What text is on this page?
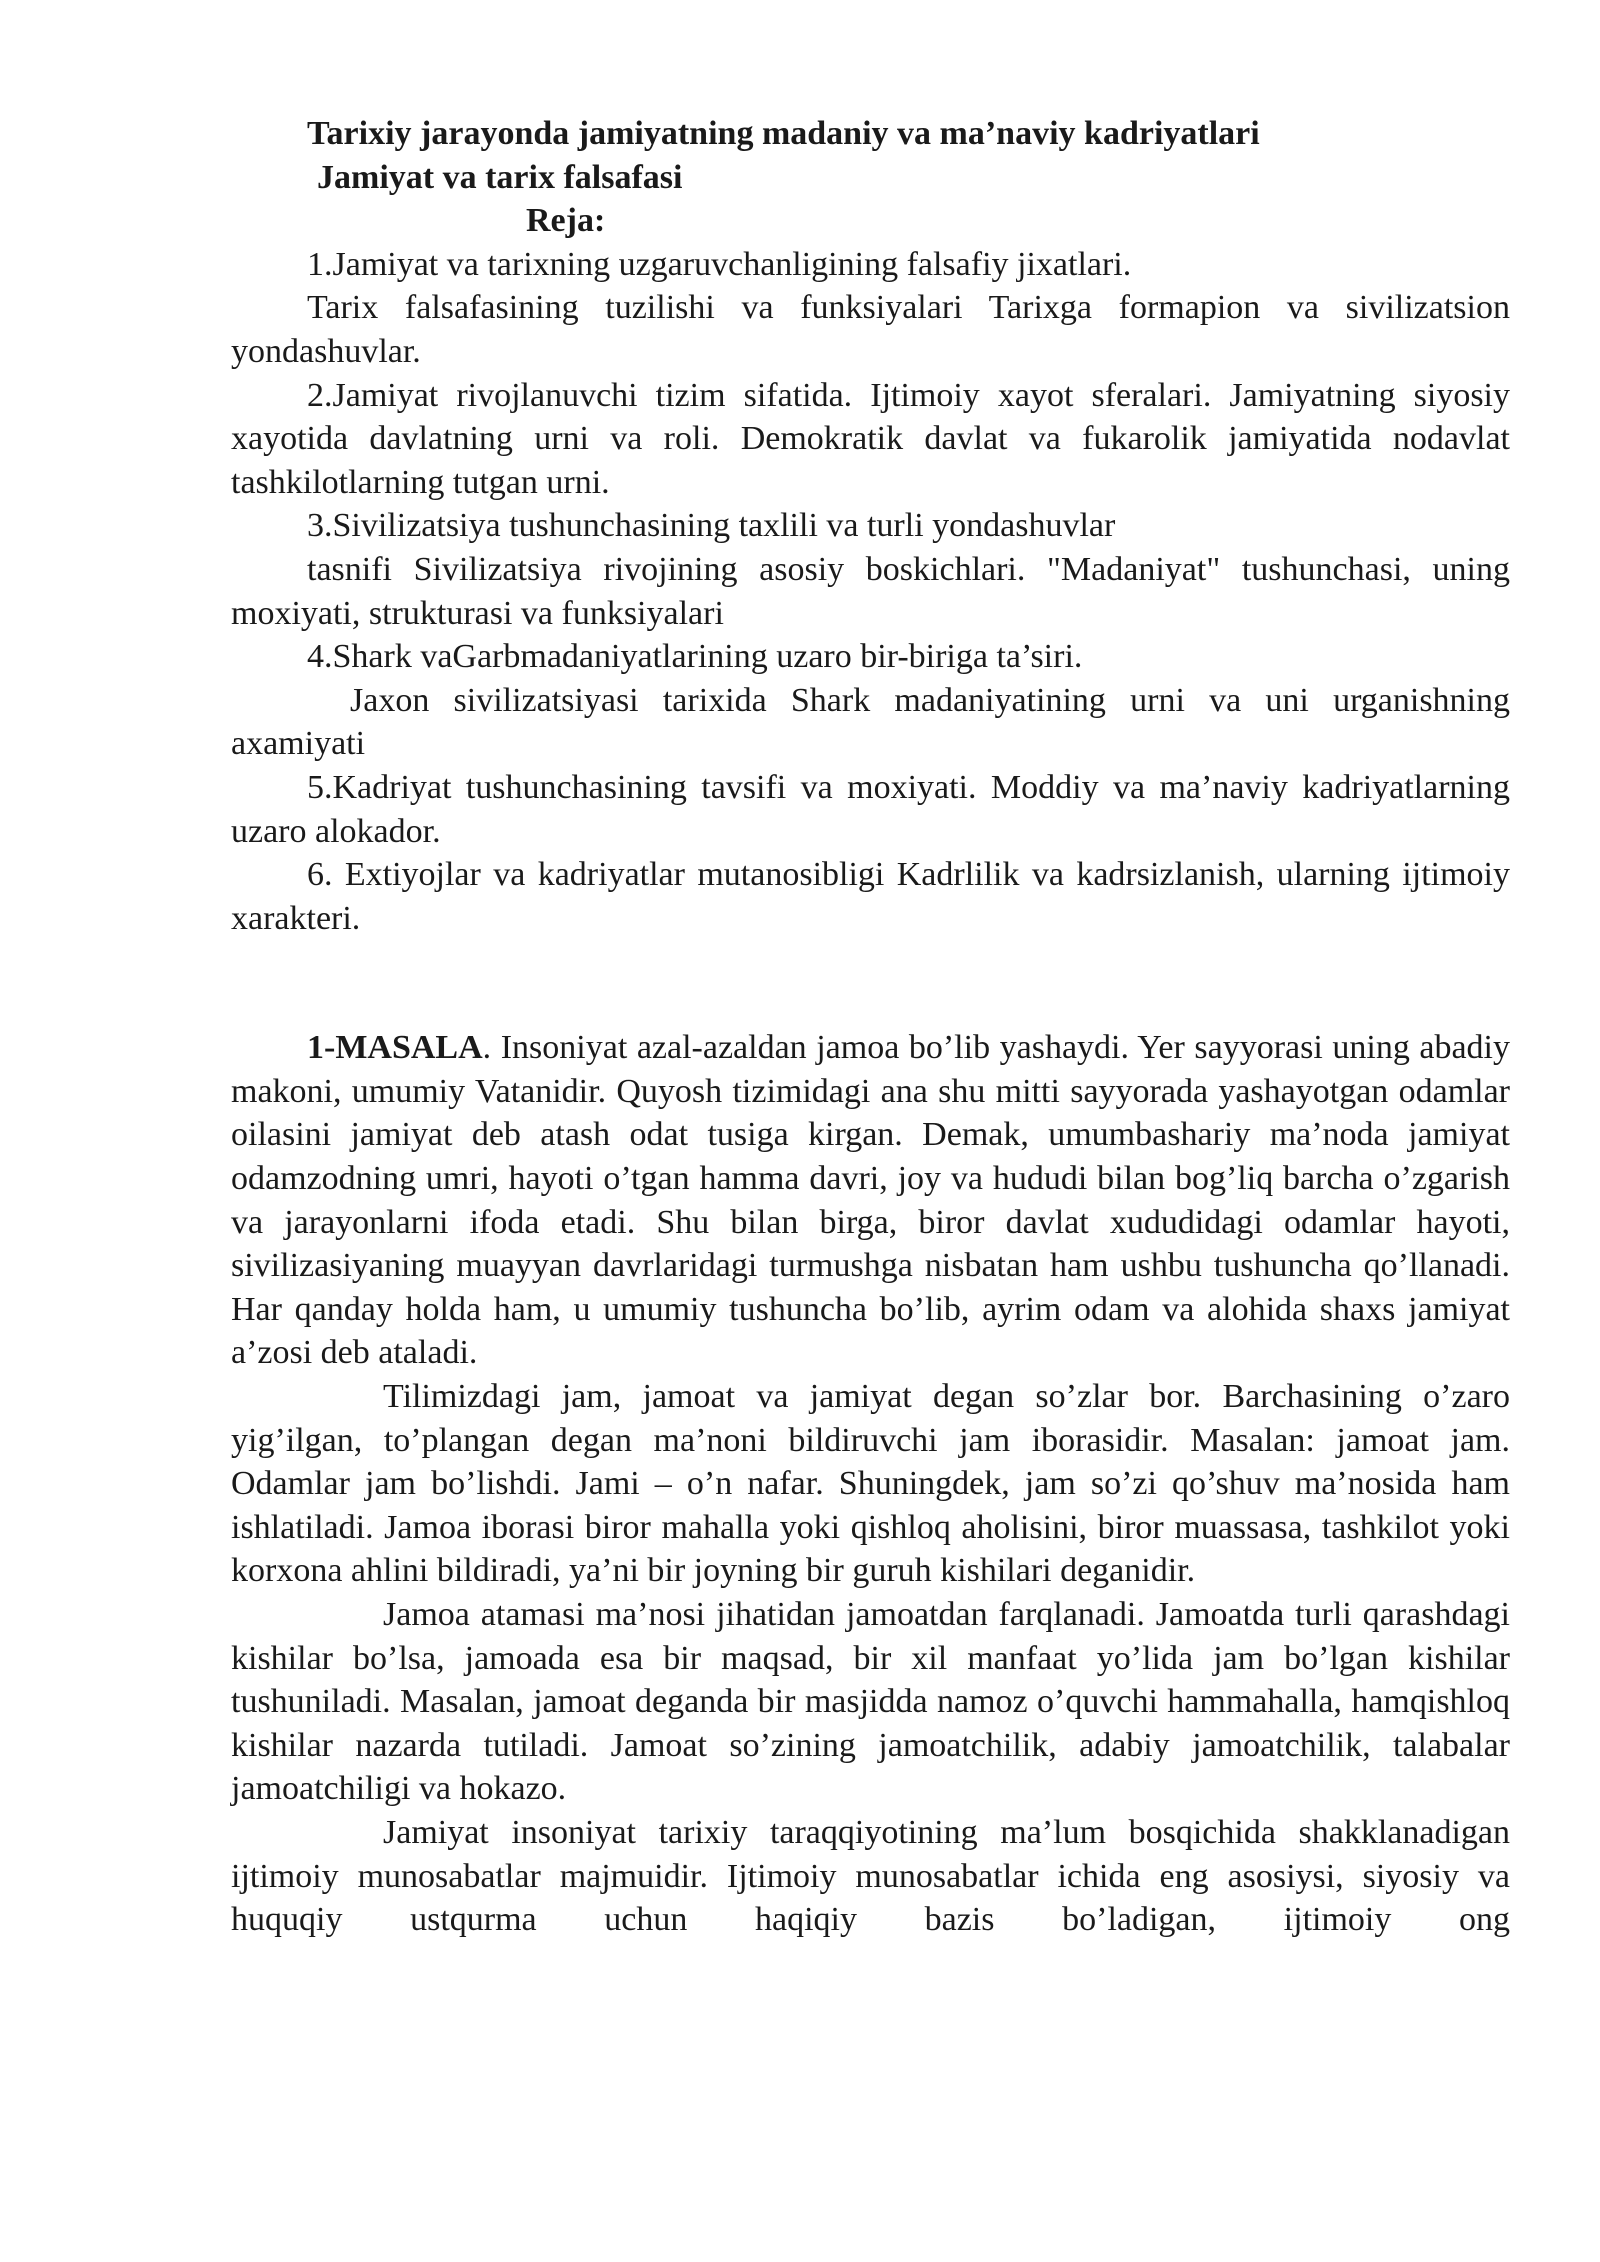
Tarixiy jarayonda jamiyatning madaniy va ma’naviy kadriyatlari

Jamiyat va tarix falsafasi

Reja:

1.Jamiyat va tarixning uzgaruvchanligining falsafiy jixatlari.

Tarix falsafasining tuzilishi va funksiyalari Tarixga formapion va sivilizatsion yondashuvlar.

2.Jamiyat rivojlanuvchi tizim sifatida. Ijtimoiy xayot sferalari. Jamiyatning siyosiy xayotida davlatning urni va roli. Demokratik davlat va fukarolik jamiyatida nodavlat tashkilotlarning tutgan urni.

3.Sivilizatsiya tushunchasining taxlili va turli yondashuvlar

tasnifi Sivilizatsiya rivojining asosiy boskichlari. "Madaniyat" tushunchasi, uning moxiyati, strukturasi va funksiyalari

4.Shark vaGarbmadaniyatlarining uzaro bir-biriga ta’siri.

Jaxon sivilizatsiyasi tarixida Shark madaniyatining urni va uni urganishning axamiyati

5.Kadriyat tushunchasining tavsifi va moxiyati. Moddiy va ma’naviy kadriyatlarning uzaro alokador.

6. Extiyojlar va kadriyatlar mutanosibligi Kadrlilik va kadrsizlanish, ularning ijtimoiy xarakteri.

1-MASALA. Insoniyat azal-azaldan jamoa bo’lib yashaydi. Yer sayyorasi uning abadiy makoni, umumiy Vatanidir. Quyosh tizimidagi ana shu mitti sayyorada yashayotgan odamlar oilasini jamiyat deb atash odat tusiga kirgan. Demak, umumbashariy ma’noda jamiyat odamzodning umri, hayoti o’tgan hamma davri, joy va hududi bilan bog’liq barcha o’zgarish va jarayonlarni ifoda etadi. Shu bilan birga, biror davlat xududidagi odamlar hayoti, sivilizasiyaning muayyan davrlaridagi turmushga nisbatan ham ushbu tushuncha qo’llanadi. Har qanday holda ham, u umumiy tushuncha bo’lib, ayrim odam va alohida shaxs jamiyat a’zosi deb ataladi.

Tilimizdagi jam, jamoat va jamiyat degan so’zlar bor. Barchasining o’zaro yig’ilgan, to’plangan degan ma’noni bildiruvchi jam iborasidir. Masalan: jamoat jam. Odamlar jam bo’lishdi. Jami – o’n nafar. Shuningdek, jam so’zi qo’shuv ma’nosida ham ishlatiladi. Jamoa iborasi biror mahalla yoki qishloq aholisini, biror muassasa, tashkilot yoki korxona ahlini bildiradi, ya’ni bir joyning bir guruh kishilari deganidir.

Jamoa atamasi ma’nosi jihatidan jamoatdan farqlanadi. Jamoatda turli qarashdagi kishilar bo’lsa, jamoada esa bir maqsad, bir xil manfaat yo’lida jam bo’lgan kishilar tushuniladi. Masalan, jamoat deganda bir masjidda namoz o’quvchi hammahalla, hamqishloq kishilar nazarda tutiladi. Jamoat so’zining jamoatchilik, adabiy jamoatchilik, talabalar jamoatchiligi va hokazo.

Jamiyat insoniyat tarixiy taraqqiyotining ma’lum bosqichida shakklanadigan ijtimoiy munosabatlar majmuidir. Ijtimoiy munosabatlar ichida eng asosiysi, siyosiy va huquqiy ustqurma uchun haqiqiy bazis bo’ladigan, ijtimoiy ong
